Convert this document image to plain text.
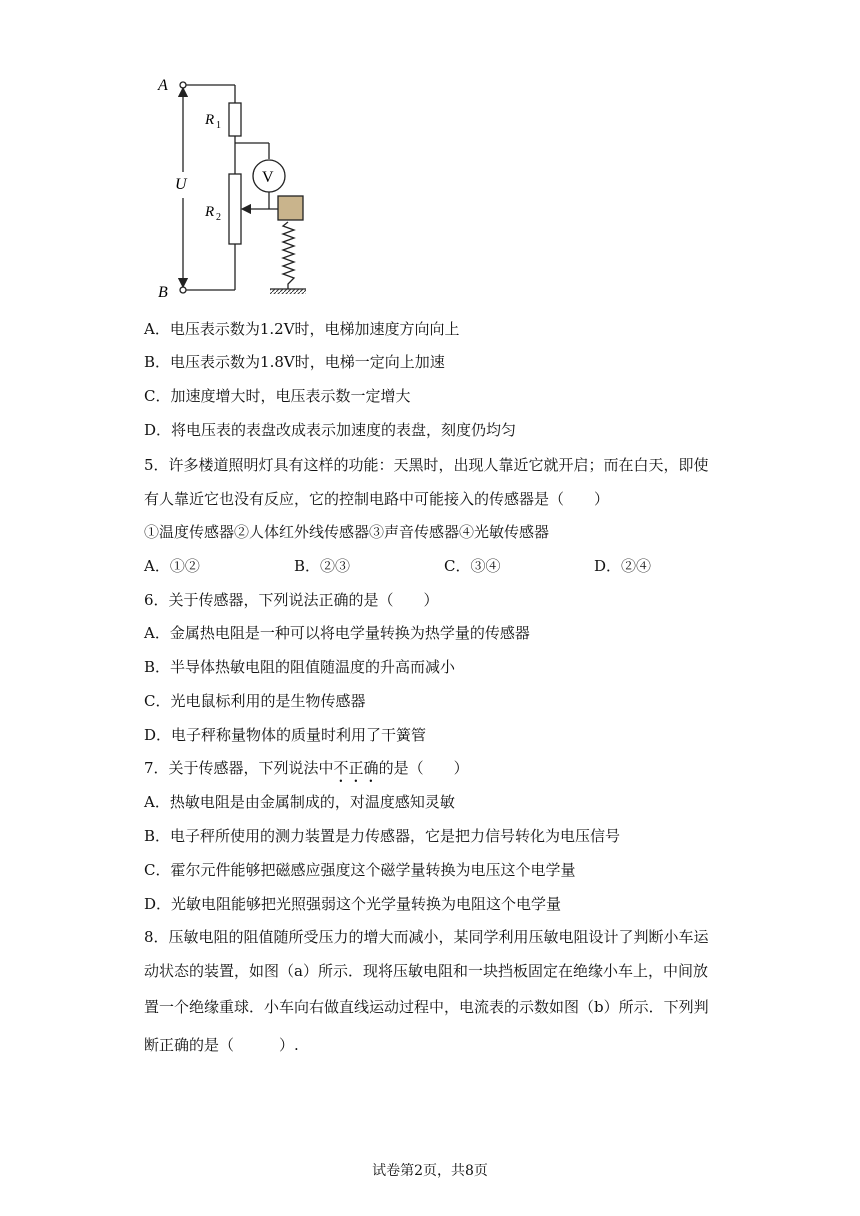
A
B
U
R 1
R 2
V
A．电压表示数为1.2V时，电梯加速度方向向上
B．电压表示数为1.8V时，电梯一定向上加速
C．加速度增大时，电压表示数一定增大
D．将电压表的表盘改成表示加速度的表盘，刻度仍均匀
5．许多楼道照明灯具有这样的功能：天黑时，出现人靠近它就开启；而在白天，即使
有人靠近它也没有反应，它的控制电路中可能接入的传感器是（　　）
①温度传感器②人体红外线传感器③声音传感器④光敏传感器
A．①②	B．②③	C．③④	D．②④
6．关于传感器，下列说法正确的是（　　）
A．金属热电阻是一种可以将电学量转换为热学量的传感器
B．半导体热敏电阻的阻值随温度的升高而减小
C．光电鼠标利用的是生物传感器
D．电子秤称量物体的质量时利用了干簧管
7．关于传感器，下列说法中不正确的是（　　）
A．热敏电阻是由金属制成的，对温度感知灵敏
B．电子秤所使用的测力装置是力传感器，它是把力信号转化为电压信号
C．霍尔元件能够把磁感应强度这个磁学量转换为电压这个电学量
D．光敏电阻能够把光照强弱这个光学量转换为电阻这个电学量
8．压敏电阻的阻值随所受压力的增大而减小，某同学利用压敏电阻设计了判断小车运
动状态的装置，如图（a）所示．现将压敏电阻和一块挡板固定在绝缘小车上，中间放
置一个绝缘重球．小车向右做直线运动过程中，电流表的示数如图（b）所示．下列判
断正确的是（　　　）.
试卷第2页，共8页
